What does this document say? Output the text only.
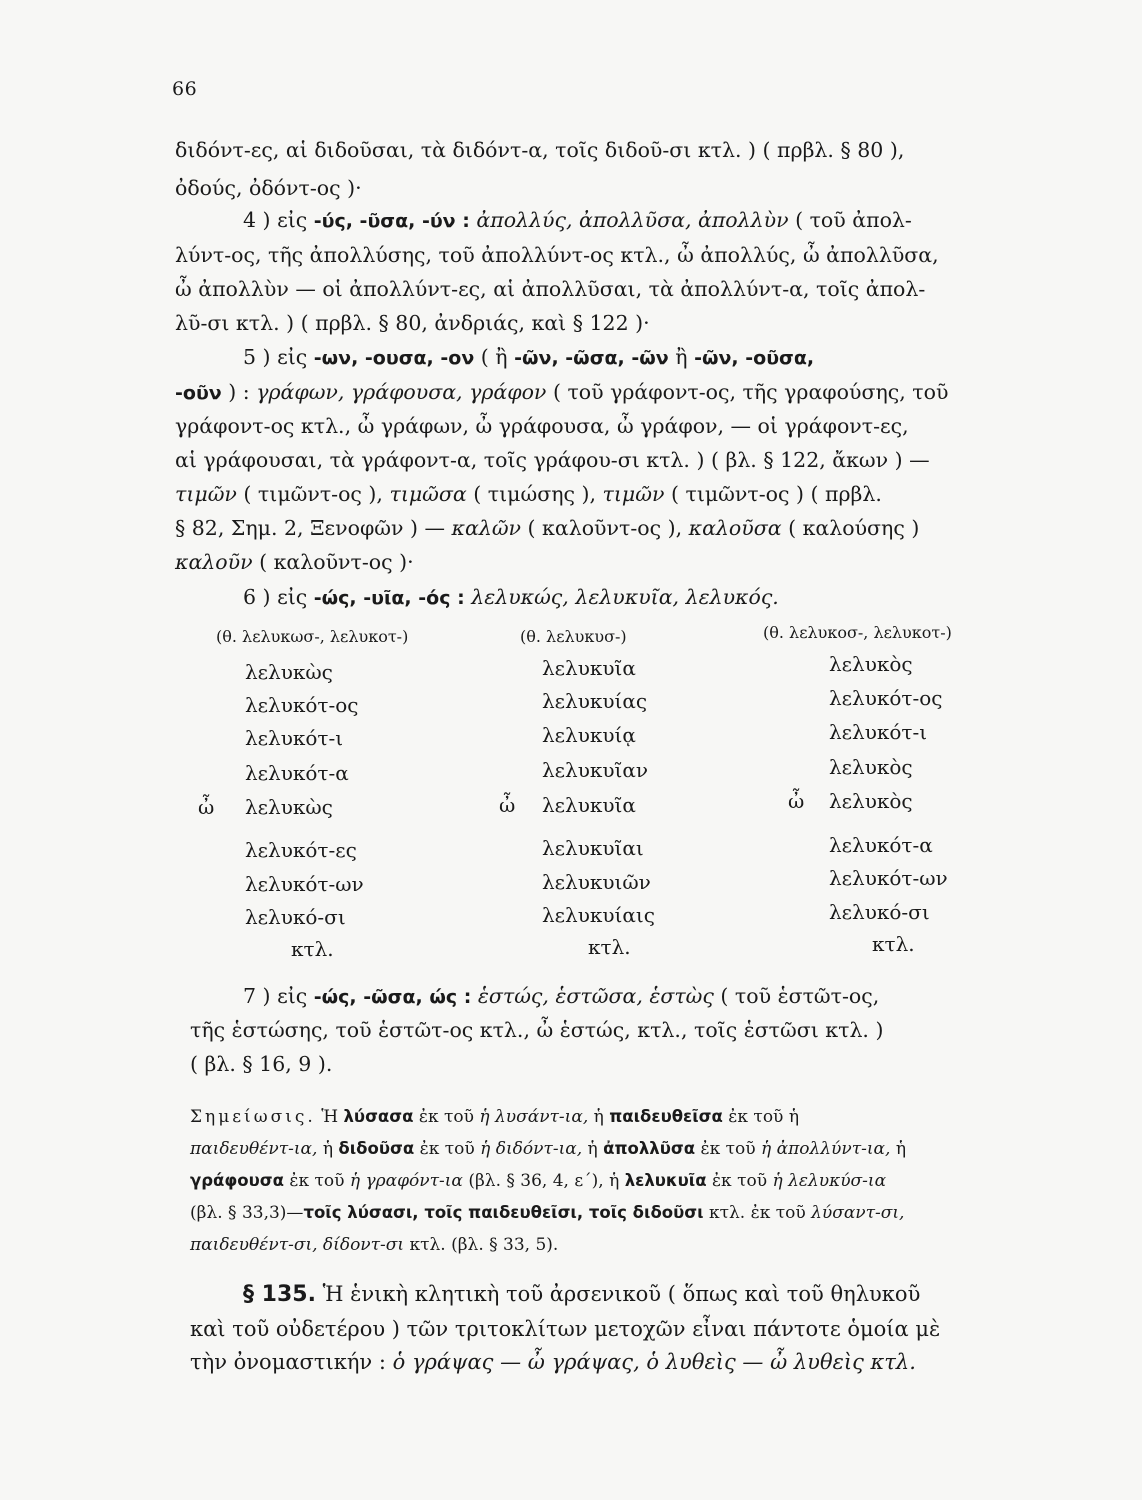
66
διδόντ-ες, αἱ διδοῦσαι, τὰ διδόντ-α, τοῖς διδοῦ-σι κτλ. ) ( πρβλ. § 80 ),
ὀδούς, ὀδόντ-ος )·
4 ) εἰς -ύς, -ῦσα, -ύν : ἀπολλύς, ἀπολλῦσα, ἀπολλὺν ( τοῦ ἀπολ-
λύντ-ος, τῆς ἀπολλύσης, τοῦ ἀπολλύντ-ος κτλ., ὦ ἀπολλύς, ὦ ἀπολλῦσα,
ὦ ἀπολλὺν — οἱ ἀπολλύντ-ες, αἱ ἀπολλῦσαι, τὰ ἀπολλύντ-α, τοῖς ἀπολ-
λῦ-σι κτλ. ) ( πρβλ. § 80, ἀνδριάς, καὶ § 122 )·
5 ) εἰς -ων, -ουσα, -ον ( ἢ -ῶν, -ῶσα, -ῶν ἢ -ῶν, -οῦσα,
-οῦν ) : γράφων, γράφουσα, γράφον ( τοῦ γράφοντ-ος, τῆς γραφούσης, τοῦ
γράφοντ-ος κτλ., ὦ γράφων, ὦ γράφουσα, ὦ γράφον, — οἱ γράφοντ-ες,
αἱ γράφουσαι, τὰ γράφοντ-α, τοῖς γράφου-σι κτλ. ) ( βλ. § 122, ἄκων ) —
τιμῶν ( τιμῶντ-ος ), τιμῶσα ( τιμώσης ), τιμῶν ( τιμῶντ-ος ) ( πρβλ.
§ 82, Σημ. 2, Ξενοφῶν ) — καλῶν ( καλοῦντ-ος ), καλοῦσα ( καλούσης )
καλοῦν ( καλοῦντ-ος )·
6 ) εἰς -ώς, -υῖα, -ός : λελυκώς, λελυκυῖα, λελυκός.
(θ. λελυκωσ-, λελυκοτ-)	(θ. λελυκυσ-)	(θ. λελυκοσ-, λελυκοτ-)
λελυκὼς
λελυκότ-ος
λελυκότ-ι
λελυκότ-α
ὦ λελυκὼς
λελυκότ-ες
λελυκότ-ων
λελυκό-σι
κτλ.
λελυκυῖα
λελυκυίας
λελυκυίᾳ
λελυκυῖαν
ὦ λελυκυῖα
λελυκυῖαι
λελυκυιῶν
λελυκυίαις
κτλ.
λελυκὸς
λελυκότ-ος
λελυκότ-ι
λελυκὸς
ὦ λελυκὸς
λελυκότ-α
λελυκότ-ων
λελυκό-σι
κτλ.
7 ) εἰς -ώς, -ῶσα, ώς : ἑστώς, ἑστῶσα, ἑστὼς ( τοῦ ἑστῶτ-ος,
τῆς ἑστώσης, τοῦ ἑστῶτ-ος κτλ., ὦ ἑστώς, κτλ., τοῖς ἑστῶσι κτλ. )
( βλ. § 16, 9 ).
Σημείωσις. Ἡ λύσασα ἐκ τοῦ ἡ λυσάντ-ια, ἡ παιδευθεῖσα ἐκ τοῦ ἡ
παιδευθέντ-ια, ἡ διδοῦσα ἐκ τοῦ ἡ διδόντ-ια, ἡ ἀπολλῦσα ἐκ τοῦ ἡ ἀπολλύντ-ια, ἡ
γράφουσα ἐκ τοῦ ἡ γραφόντ-ια (βλ. § 36, 4, ε΄), ἡ λελυκυῖα ἐκ τοῦ ἡ λελυκύσ-ια
(βλ. § 33,3)—τοῖς λύσασι, τοῖς παιδευθεῖσι, τοῖς διδοῦσι κτλ. ἐκ τοῦ λύσαντ-σι,
παιδευθέντ-σι, δίδοντ-σι κτλ. (βλ. § 33, 5).
§ 135. Ἡ ἑνικὴ κλητικὴ τοῦ ἀρσενικοῦ ( ὅπως καὶ τοῦ θηλυκοῦ
καὶ τοῦ οὐδετέρου ) τῶν τριτοκλίτων μετοχῶν εἶναι πάντοτε ὁμοία μὲ
τὴν ὀνομαστικήν : ὁ γράψας — ὦ γράψας, ὁ λυθεὶς — ὦ λυθεὶς κτλ.
